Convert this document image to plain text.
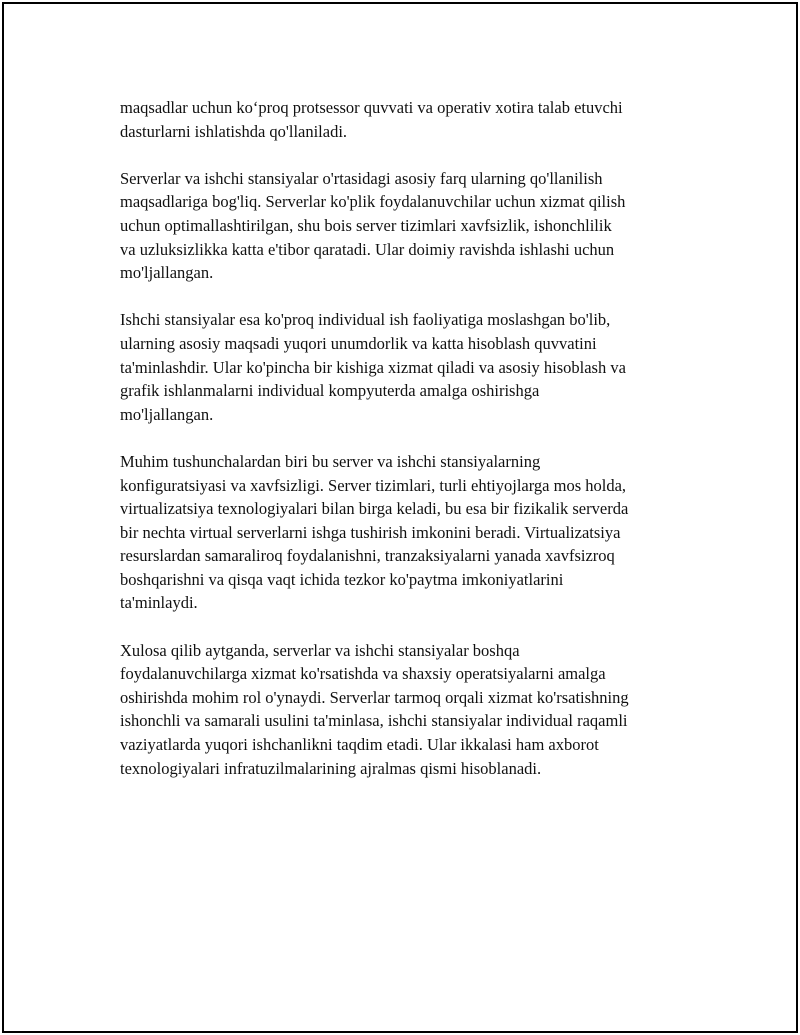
maqsadlar uchun ko‘proq protsessor quvvati va operativ xotira talab etuvchi
dasturlarni ishlatishda qo'llaniladi.

Serverlar va ishchi stansiyalar o'rtasidagi asosiy farq ularning qo'llanilish
maqsadlariga bog'liq. Serverlar ko'plik foydalanuvchilar uchun xizmat qilish
uchun optimallashtirilgan, shu bois server tizimlari xavfsizlik, ishonchlilik
va uzluksizlikka katta e'tibor qaratadi. Ular doimiy ravishda ishlashi uchun
mo'ljallangan.

Ishchi stansiyalar esa ko'proq individual ish faoliyatiga moslashgan bo'lib,
ularning asosiy maqsadi yuqori unumdorlik va katta hisoblash quvvatini
ta'minlashdir. Ular ko'pincha bir kishiga xizmat qiladi va asosiy hisoblash va
grafik ishlanmalarni individual kompyuterda amalga oshirishga
mo'ljallangan.

Muhim tushunchalardan biri bu server va ishchi stansiyalarning
konfiguratsiyasi va xavfsizligi. Server tizimlari, turli ehtiyojlarga mos holda,
virtualizatsiya texnologiyalari bilan birga keladi, bu esa bir fizikalik serverda
bir nechta virtual serverlarni ishga tushirish imkonini beradi. Virtualizatsiya
resurslardan samaraliroq foydalanishni, tranzaksiyalarni yanada xavfsizroq
boshqarishni va qisqa vaqt ichida tezkor ko'paytma imkoniyatlarini
ta'minlaydi.

Xulosa qilib aytganda, serverlar va ishchi stansiyalar boshqa
foydalanuvchilarga xizmat ko'rsatishda va shaxsiy operatsiyalarni amalga
oshirishda mohim rol o'ynaydi. Serverlar tarmoq orqali xizmat ko'rsatishning
ishonchli va samarali usulini ta'minlasa, ishchi stansiyalar individual raqamli
vaziyatlarda yuqori ishchanlikni taqdim etadi. Ular ikkalasi ham axborot
texnologiyalari infratuzilmalarining ajralmas qismi hisoblanadi.
